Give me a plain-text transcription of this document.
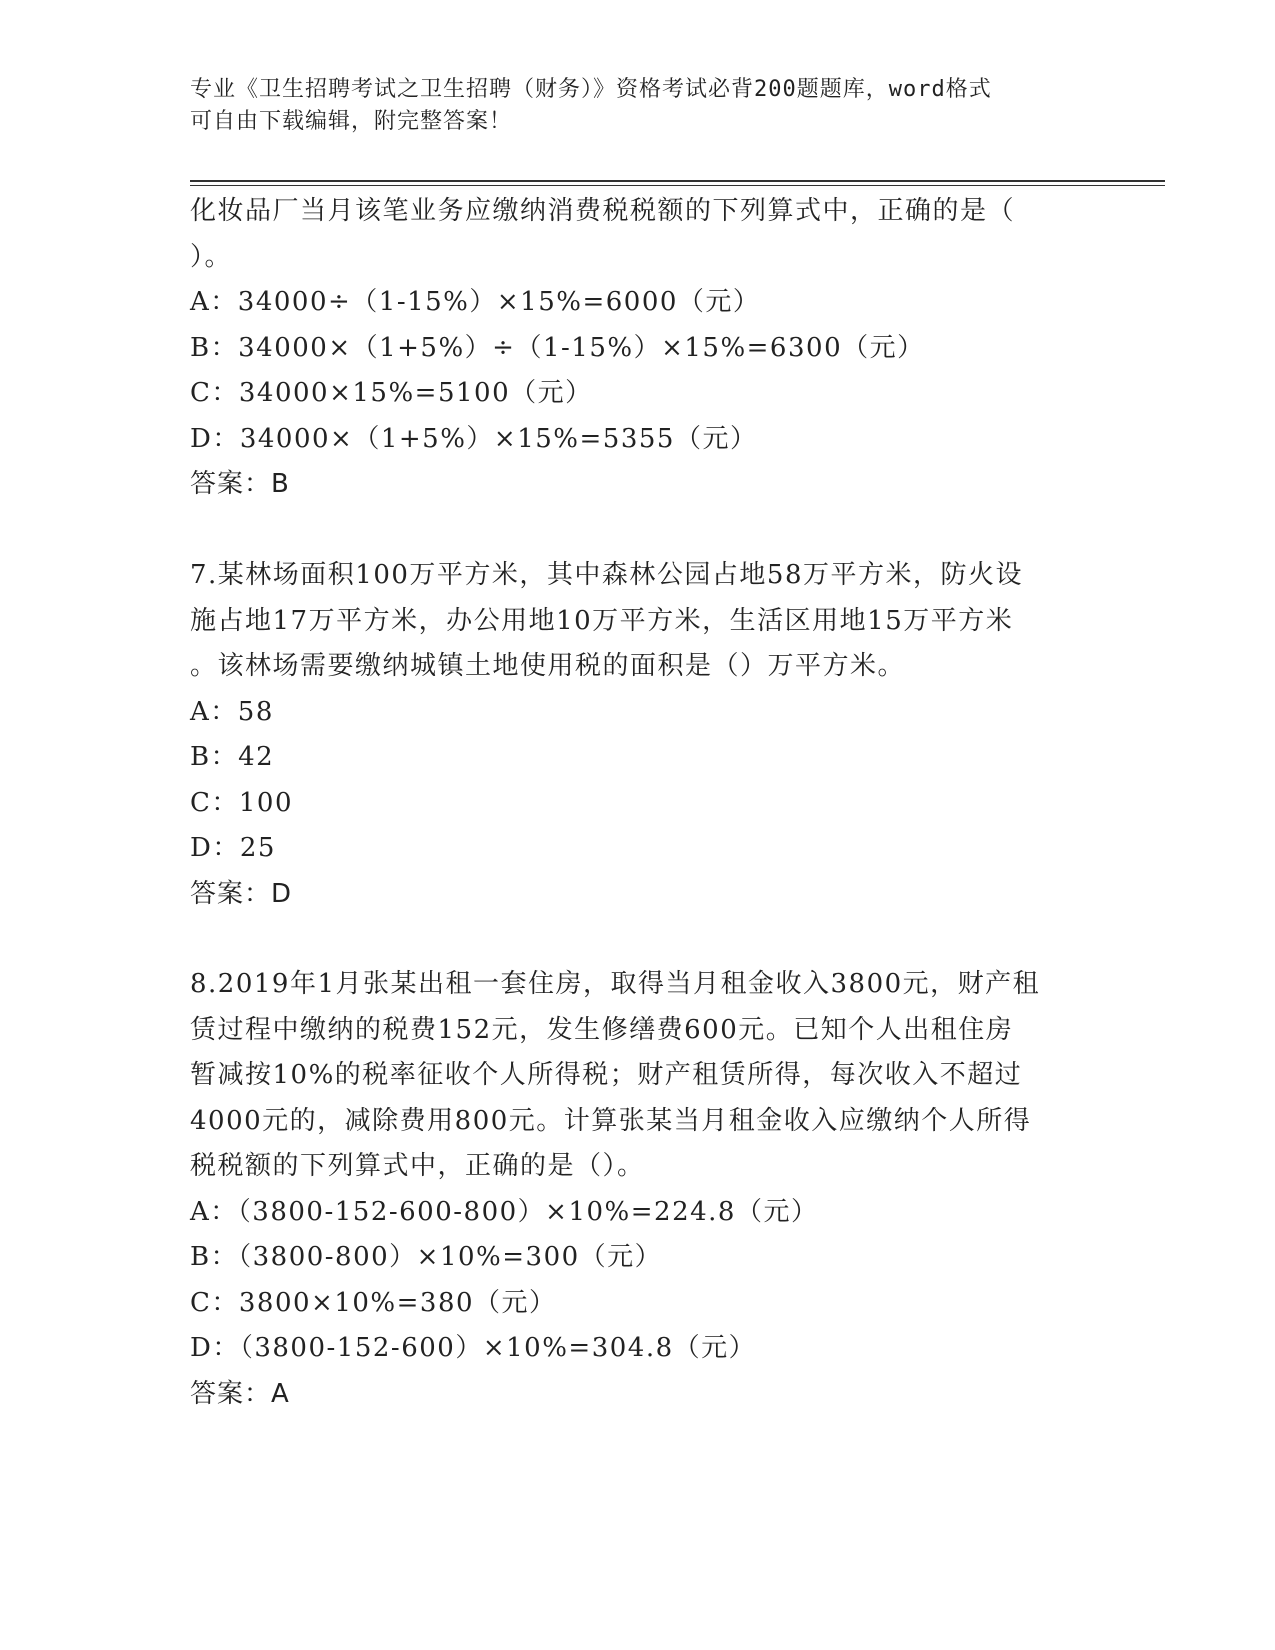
专业《卫生招聘考试之卫生招聘（财务）》资格考试必背200题题库，word格式
可自由下载编辑，附完整答案！
化妆品厂当月该笔业务应缴纳消费税税额的下列算式中，正确的是（
）。
A：34000÷（1-15%）×15%=6000（元）
B：34000×（1+5%）÷（1-15%）×15%=6300（元）
C：34000×15%=5100（元）
D：34000×（1+5%）×15%=5355（元）
答案：B
7.某林场面积100万平方米，其中森林公园占地58万平方米，防火设
施占地17万平方米，办公用地10万平方米，生活区用地15万平方米
。该林场需要缴纳城镇土地使用税的面积是（）万平方米。
A：58
B：42
C：100
D：25
答案：D
8.2019年1月张某出租一套住房，取得当月租金收入3800元，财产租
赁过程中缴纳的税费152元，发生修缮费600元。已知个人出租住房
暂减按10%的税率征收个人所得税；财产租赁所得，每次收入不超过
4000元的，减除费用800元。计算张某当月租金收入应缴纳个人所得
税税额的下列算式中，正确的是（）。
A：（3800-152-600-800）×10%=224.8（元）
B：（3800-800）×10%=300（元）
C：3800×10%=380（元）
D：（3800-152-600）×10%=304.8（元）
答案：A
